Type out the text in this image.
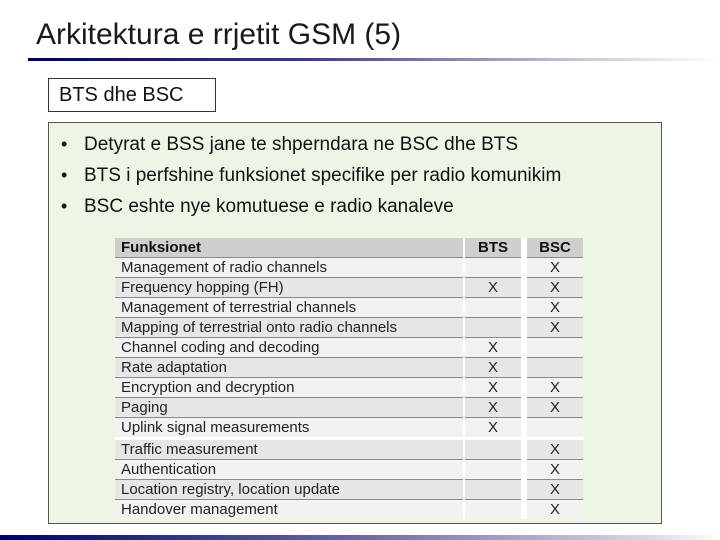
Arkitektura e rrjetit GSM (5)
BTS dhe BSC
• Detyrat e BSS jane te shperndara ne BSC dhe BTS
• BTS i perfshine funksionet specifike per radio komunikim
• BSC eshte nye komutuese e radio kanaleve
Funksionet	BTS	BSC
Management of radio channels		X
Frequency hopping (FH)	X	X
Management of terrestrial channels		X
Mapping of terrestrial onto radio channels		X
Channel coding and decoding	X	
Rate adaptation	X	
Encryption and decryption	X	X
Paging	X	X
Uplink signal measurements	X	
Traffic measurement		X
Authentication		X
Location registry, location update		X
Handover management		X
